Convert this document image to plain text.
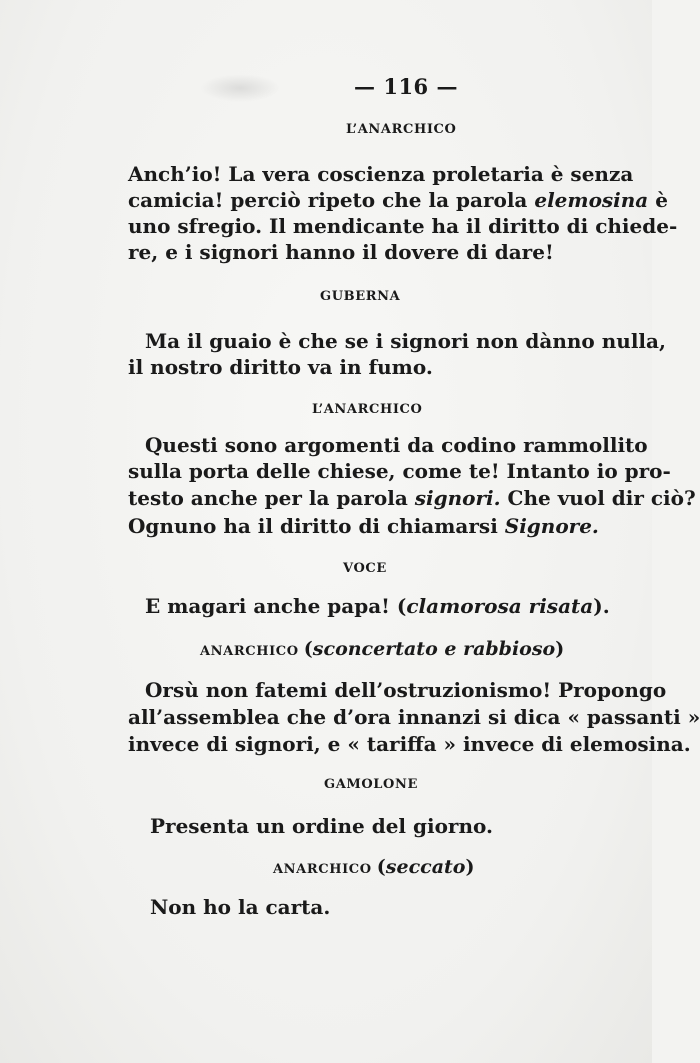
— 116 —
L’ANARCHICO
Anch’io! La vera coscienza proletaria è senza
camicia! perciò ripeto che la parola elemosina è
uno sfregio. Il mendicante ha il diritto di chiede-
re, e i signori hanno il dovere di dare!
GUBERNA
Ma il guaio è che se i signori non dànno nulla,
il nostro diritto va in fumo.
L’ANARCHICO
Questi sono argomenti da codino rammollito
sulla porta delle chiese, come te! Intanto io pro-
testo anche per la parola signori. Che vuol dir ciò?
Ognuno ha il diritto di chiamarsi Signore.
VOCE
E magari anche papa! (clamorosa risata).
ANARCHICO (sconcertato e rabbioso)
Orsù non fatemi dell’ostruzionismo! Propongo
all’assemblea che d’ora innanzi si dica « passanti »
invece di signori, e « tariffa » invece di elemosina.
GAMOLONE
Presenta un ordine del giorno.
ANARCHICO (seccato)
Non ho la carta.
